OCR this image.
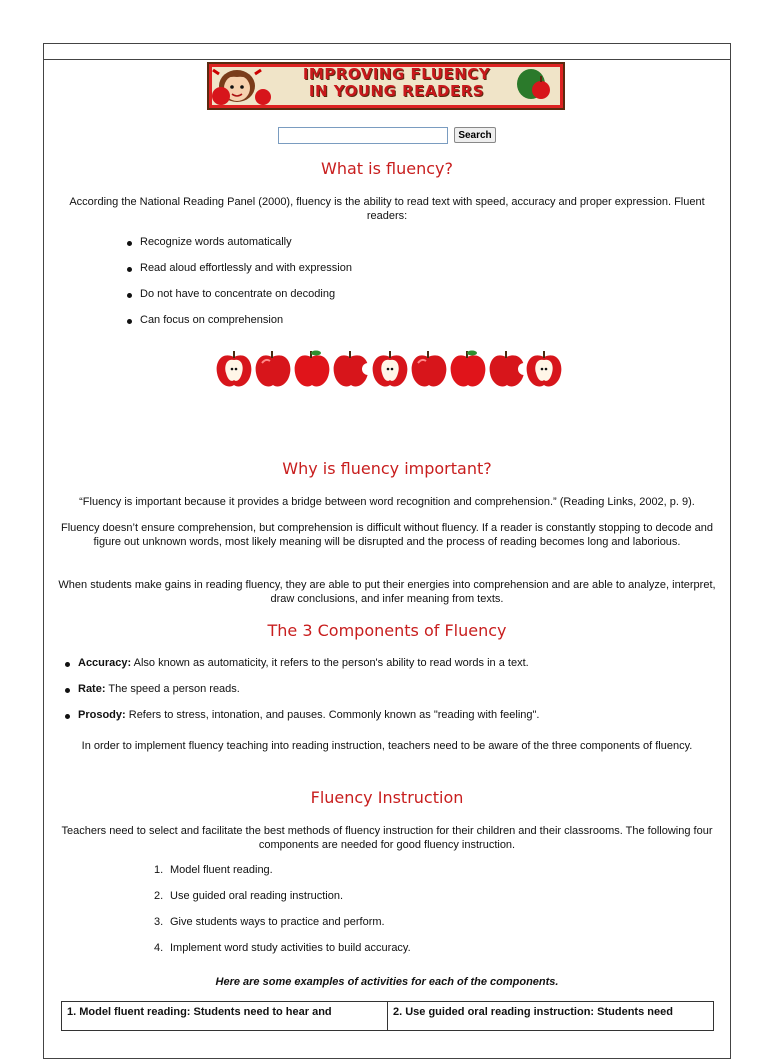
IMPROVING FLUENCY
IN YOUNG READERS
Search
What is fluency?

According the National Reading Panel (2000), fluency is the ability to read text with speed, accuracy and proper expression. Fluent readers:

Recognize words automatically
Read aloud effortlessly and with expression
Do not have to concentrate on decoding
Can focus on comprehension
Why is fluency important?

“Fluency is important because it provides a bridge between word recognition and comprehension.” (Reading Links, 2002, p. 9).

Fluency doesn’t ensure comprehension, but comprehension is difficult without fluency. If a reader is constantly stopping to decode and figure out unknown words, most likely meaning will be disrupted and the process of reading becomes long and laborious.

When students make gains in reading fluency, they are able to put their energies into comprehension and are able to analyze, interpret, draw conclusions, and infer meaning from texts.

The 3 Components of Fluency
Accuracy: Also known as automaticity, it refers to the person's ability to read words in a text.
Rate: The speed a person reads.
Prosody: Refers to stress, intonation, and pauses. Commonly known as "reading with feeling".

In order to implement fluency teaching into reading instruction, teachers need to be aware of the three components of fluency.

Fluency Instruction

Teachers need to select and facilitate the best methods of fluency instruction for their children and their classrooms. The following four components are needed for good fluency instruction.

1. Model fluent reading.
2. Use guided oral reading instruction.
3. Give students ways to practice and perform.
4. Implement word study activities to build accuracy.

Here are some examples of activities for each of the components.

1. Model fluent reading: Students need to hear and	2. Use guided oral reading instruction: Students need
